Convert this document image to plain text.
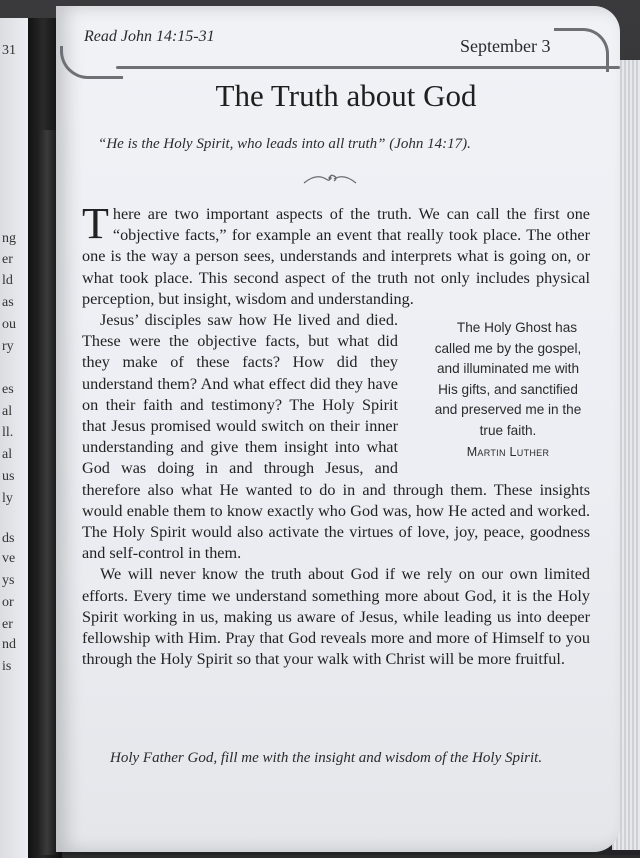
31
ng
er
ld
as
ou
ry
es
al
ll.
al
us
ly
ds
ve
ys
or
er
nd
is
Read John 14:15-31	September 3
The Truth about God
“He is the Holy Spirit, who leads into all truth” (John 14:17).

There are two important aspects of the truth. We can call the first one “objective facts,” for example an event that really took place. The other one is the way a person sees, understands and interprets what is going on, or what took place. This second aspect of the truth not only includes physical perception, but insight, wisdom and understanding.

The Holy Ghost has called me by the gospel, and illuminated me with His gifts, and sanctified and preserved me in the true faith.
Martin Luther
Jesus’ disciples saw how He lived and died. These were the objective facts, but what did they make of these facts? How did they understand them? And what effect did they have on their faith and testimony? The Holy Spirit that Jesus promised would switch on their inner understanding and give them insight into what God was doing in and through Jesus, and therefore also what He wanted to do in and through them. These insights would enable them to know exactly who God was, how He acted and worked. The Holy Spirit would also activate the virtues of love, joy, peace, goodness and self-control in them.

We will never know the truth about God if we rely on our own limited efforts. Every time we understand something more about God, it is the Holy Spirit working in us, making us aware of Jesus, while leading us into deeper fellowship with Him. Pray that God reveals more and more of Himself to you through the Holy Spirit so that your walk with Christ will be more fruitful.

Holy Father God, fill me with the insight and wisdom of the Holy Spirit.
